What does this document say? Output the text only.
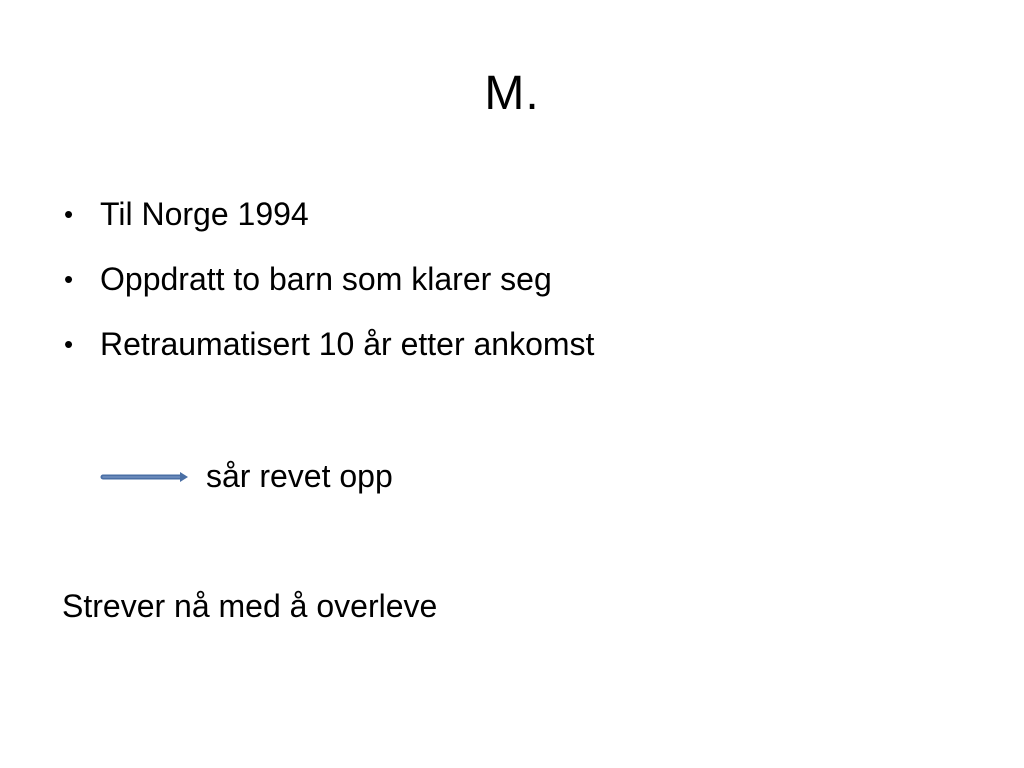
M.
• Til Norge 1994
• Oppdratt to barn som klarer seg
• Retraumatisert 10 år etter ankomst
sår revet opp
Strever nå med å overleve
